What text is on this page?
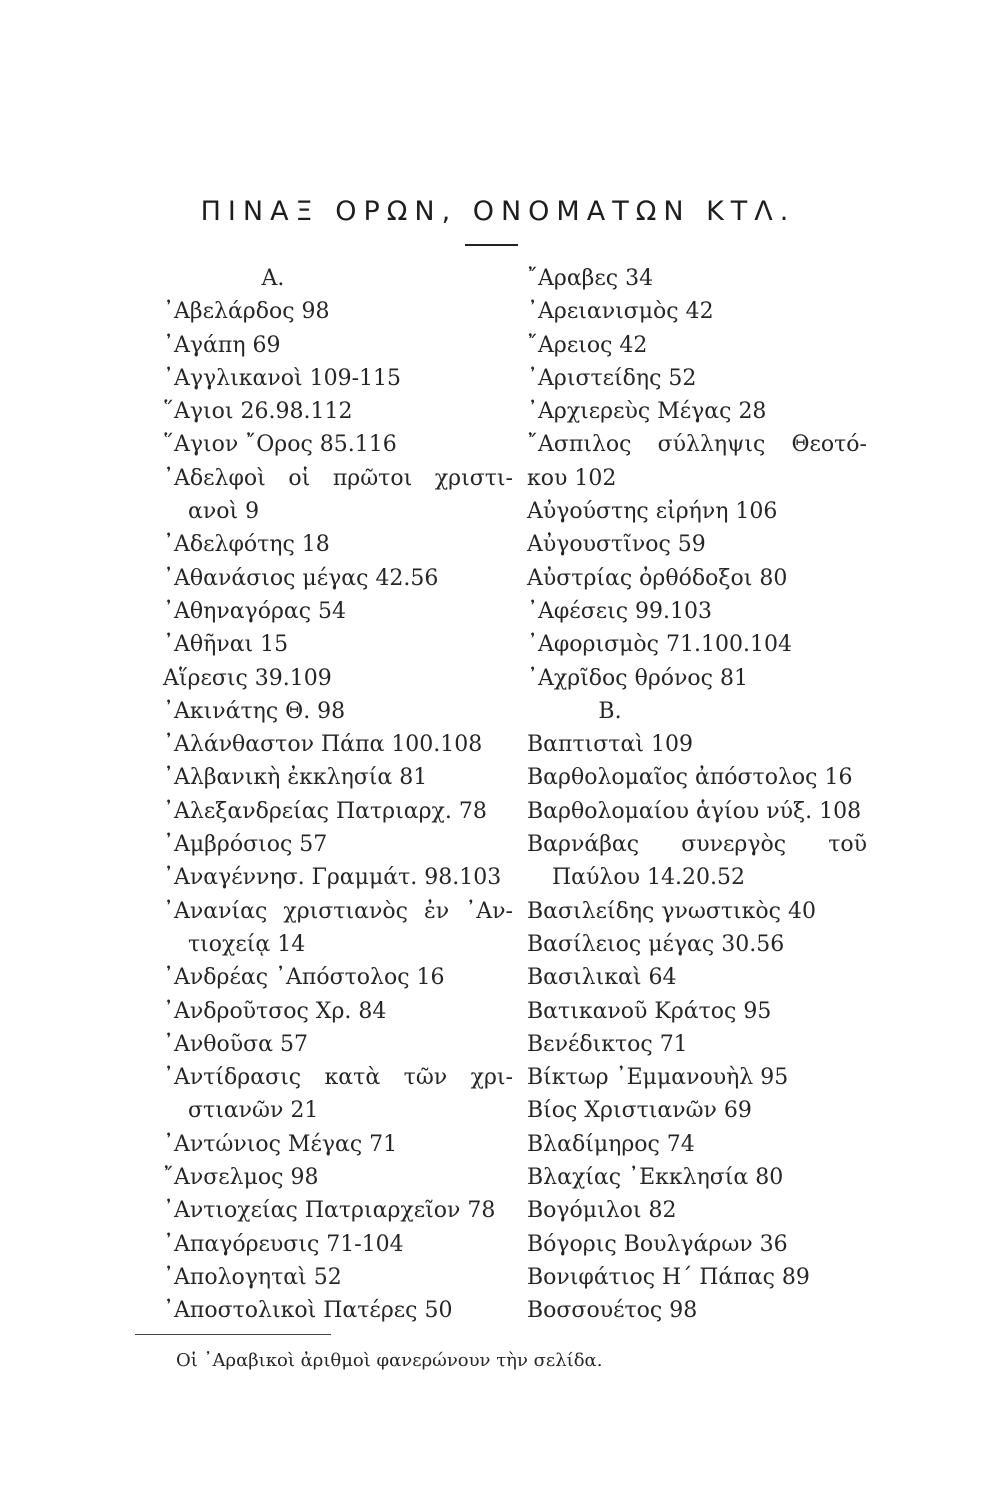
ΠΙΝΑΞ ΟΡΩΝ, ΟΝΟΜΑΤΩΝ ΚΤΛ.
Α.
᾿Αβελάρδος 98
᾿Αγάπη 69
᾿Αγγλικανοὶ 109-115
῞Αγιοι 26.98.112
῞Αγιον ῎Ορος 85.116
᾿Αδελφοὶ οἱ πρῶτοι χριστι-
ανοὶ 9
᾿Αδελφότης 18
᾿Αθανάσιος μέγας 42.56
᾿Αθηναγόρας 54
᾿Αθῆναι 15
Αἵρεσις 39.109
᾿Ακινάτης Θ. 98
᾿Αλάνθαστον Πάπα 100.108
᾿Αλβανικὴ ἐκκλησία 81
᾿Αλεξανδρείας Πατριαρχ. 78
᾿Αμβρόσιος 57
᾿Αναγέννησ. Γραμμάτ. 98.103
᾿Ανανίας χριστιανὸς ἐν ᾿Αν-
τιοχείᾳ 14
᾿Ανδρέας ᾿Απόστολος 16
᾿Ανδροῦτσος Χρ. 84
᾿Ανθοῦσα 57
᾿Αντίδρασις κατὰ τῶν χρι-
στιανῶν 21
᾿Αντώνιος Μέγας 71
῎Ανσελμος 98
᾿Αντιοχείας Πατριαρχεῖον 78
᾿Απαγόρευσις 71-104
᾿Απολογηταὶ 52
᾿Αποστολικοὶ Πατέρες 50
῎Αραβες 34
᾿Αρειανισμὸς 42
῎Αρειος 42
᾿Αριστείδης 52
᾿Αρχιερεὺς Μέγας 28
῎Ασπιλος σύλληψις Θεοτό-
κου 102
Αὐγούστης εἰρήνη 106
Αὐγουστῖνος 59
Αὐστρίας ὀρθόδοξοι 80
᾿Αφέσεις 99.103
᾿Αφορισμὸς 71.100.104
᾿Αχρῖδος θρόνος 81
Β.
Βαπτισταὶ 109
Βαρθολομαῖος ἀπόστολος 16
Βαρθολομαίου ἁγίου νύξ. 108
Βαρνάβας συνεργὸς τοῦ
Παύλου 14.20.52
Βασιλείδης γνωστικὸς 40
Βασίλειος μέγας 30.56
Βασιλικαὶ 64
Βατικανοῦ Κράτος 95
Βενέδικτος 71
Βίκτωρ ᾿Εμμανουὴλ 95
Βίος Χριστιανῶν 69
Βλαδίμηρος 74
Βλαχίας ᾿Εκκλησία 80
Βογόμιλοι 82
Βόγορις Βουλγάρων 36
Βονιφάτιος Η´ Πάπας 89
Βοσσουέτος 98
Οἱ ᾿Αραβικοὶ ἀριθμοὶ φανερώνουν τὴν σελίδα.
